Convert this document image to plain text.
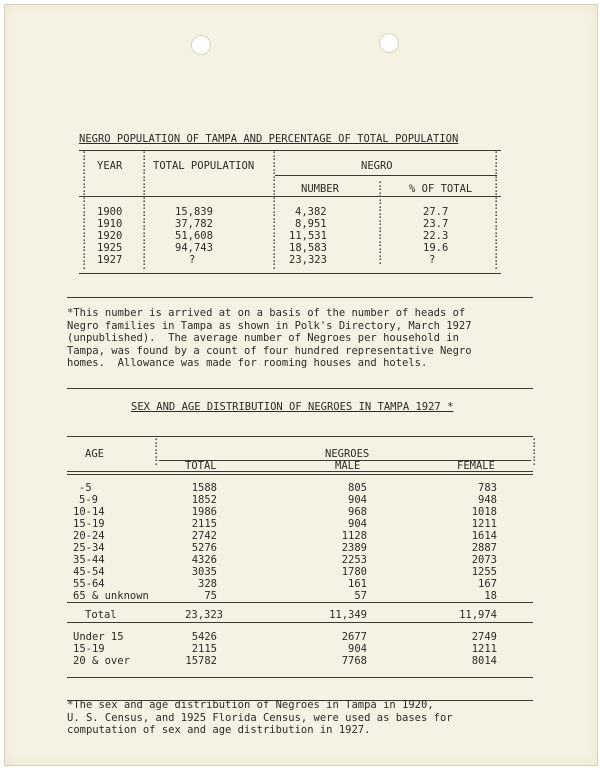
NEGRO POPULATION OF TAMPA AND PERCENTAGE OF TOTAL POPULATION
:
:
:
:
:
:
:
:
:
:
:
:
:
:
:
:
:
:
:
:
:
:
:
:
:
:
:
:
:
:
:
:
:
:
:
:
:
:
:
:
:
:
:
:
:
:
:
:
:
:
:
:
:
:
:
:
:
:
:
:
:
:
:
:
:
:
:
:
:
:
:
:
:
:
:
:
:
:
:
:
YEAR	TOTAL POPULATION	NEGRO
NUMBER	% OF TOTAL
1900	15,839	4,382	27.7
1910	37,782	8,951	23.7
1920	51,608	11,531	22.3
1925	94,743	18,583	19.6
1927	?	23,323	?
*This number is arrived at on a basis of the number of heads of
Negro families in Tampa as shown in Polk's Directory, March 1927
(unpublished).  The average number of Negroes per household in
Tampa, was found by a count of four hundred representative Negro
homes.  Allowance was made for rooming houses and hotels.
SEX AND AGE DISTRIBUTION OF NEGROES IN TAMPA 1927 *
:
:
:
:
:
:
:
:
AGE	NEGROES
TOTAL	MALE	FEMALE
-5	1588	805	783
5-9	1852	904	948
10-14	1986	968	1018
15-19	2115	904	1211
20-24	2742	1128	1614
25-34	5276	2389	2887
35-44	4326	2253	2073
45-54	3035	1780	1255
55-64	328	161	167
65 & unknown	75	57	18
Total	23,323	11,349	11,974
Under 15	5426	2677	2749
15-19	2115	904	1211
20 & over	15782	7768	8014
*The sex and age distribution of Negroes in Tampa in 1920,
U. S. Census, and 1925 Florida Census, were used as bases for
computation of sex and age distribution in 1927.
